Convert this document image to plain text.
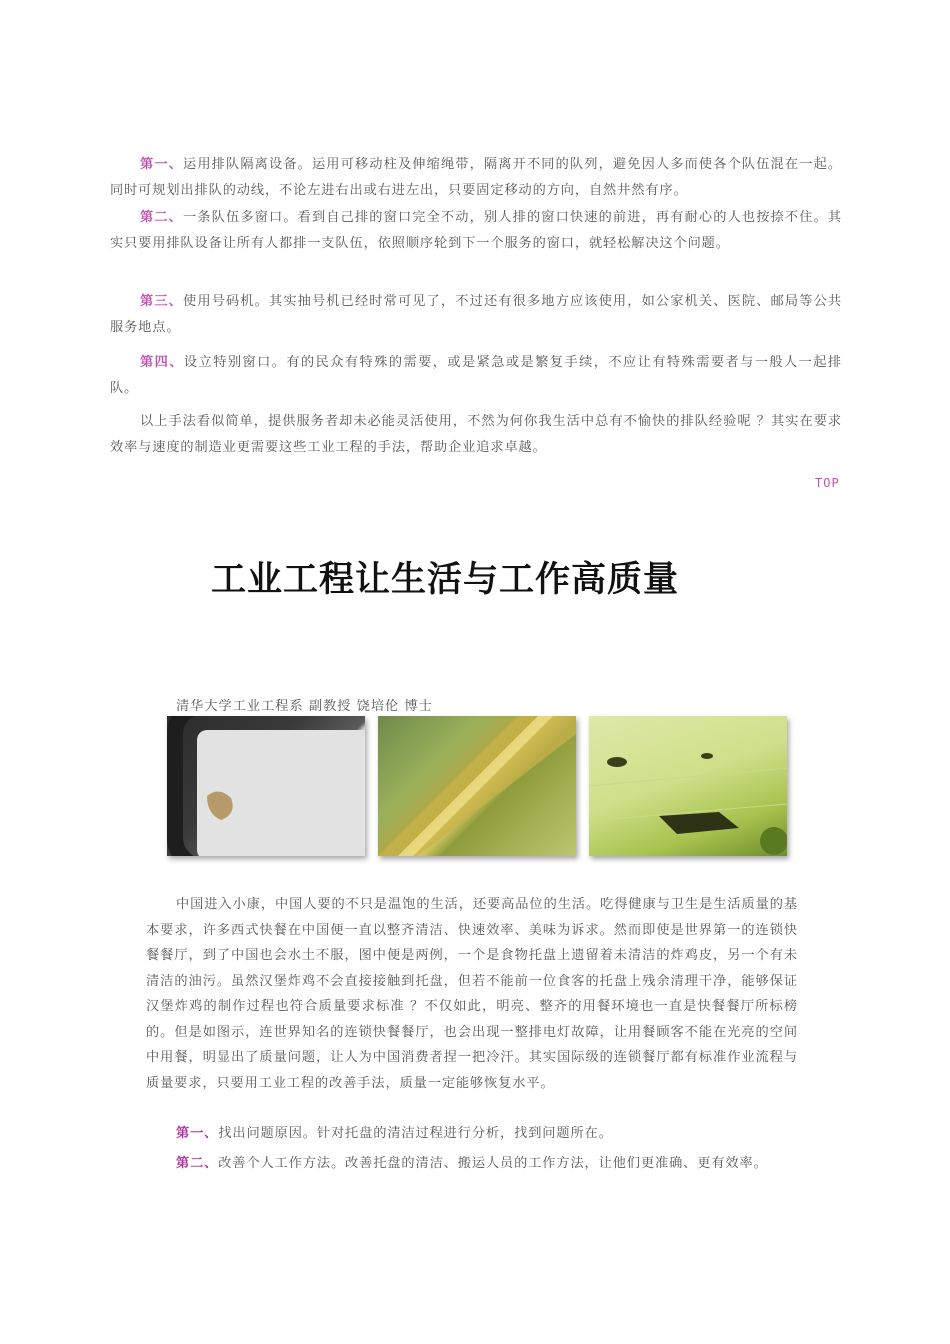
第一、运用排队隔离设备。运用可移动柱及伸缩绳带，隔离开不同的队列，避免因人多而使各个队伍混在一起。同时可规划出排队的动线，不论左进右出或右进左出，只要固定移动的方向，自然井然有序。

第二、一条队伍多窗口。看到自己排的窗口完全不动，别人排的窗口快速的前进，再有耐心的人也按捺不住。其实只要用排队设备让所有人都排一支队伍，依照顺序轮到下一个服务的窗口，就轻松解决这个问题。

第三、使用号码机。其实抽号机已经时常可见了，不过还有很多地方应该使用，如公家机关、医院、邮局等公共服务地点。

第四、设立特别窗口。有的民众有特殊的需要，或是紧急或是繁复手续，不应让有特殊需要者与一般人一起排队。

以上手法看似简单，提供服务者却未必能灵活使用，不然为何你我生活中总有不愉快的排队经验呢 ？其实在要求效率与速度的制造业更需要这些工业工程的手法，帮助企业追求卓越。

TOP
工业工程让生活与工作高质量
清华大学工业工程系 副教授 饶培伦 博士

中国进入小康，中国人要的不只是温饱的生活，还要高品位的生活。吃得健康与卫生是生活质量的基本要求，许多西式快餐在中国便一直以整齐清洁、快速效率、美味为诉求。然而即使是世界第一的连锁快餐餐厅，到了中国也会水土不服，图中便是两例，一个是食物托盘上遗留着未清洁的炸鸡皮，另一个有未清洁的油污。虽然汉堡炸鸡不会直接接触到托盘，但若不能前一位食客的托盘上残余清理干净，能够保证汉堡炸鸡的制作过程也符合质量要求标准 ？不仅如此，明亮、整齐的用餐环境也一直是快餐餐厅所标榜的。但是如图示，连世界知名的连锁快餐餐厅，也会出现一整排电灯故障，让用餐顾客不能在光亮的空间中用餐，明显出了质量问题，让人为中国消费者捏一把冷汗。其实国际级的连锁餐厅都有标准作业流程与质量要求，只要用工业工程的改善手法，质量一定能够恢复水平。

第一、找出问题原因。针对托盘的清洁过程进行分析，找到问题所在。

第二、改善个人工作方法。改善托盘的清洁、搬运人员的工作方法，让他们更准确、更有效率。
